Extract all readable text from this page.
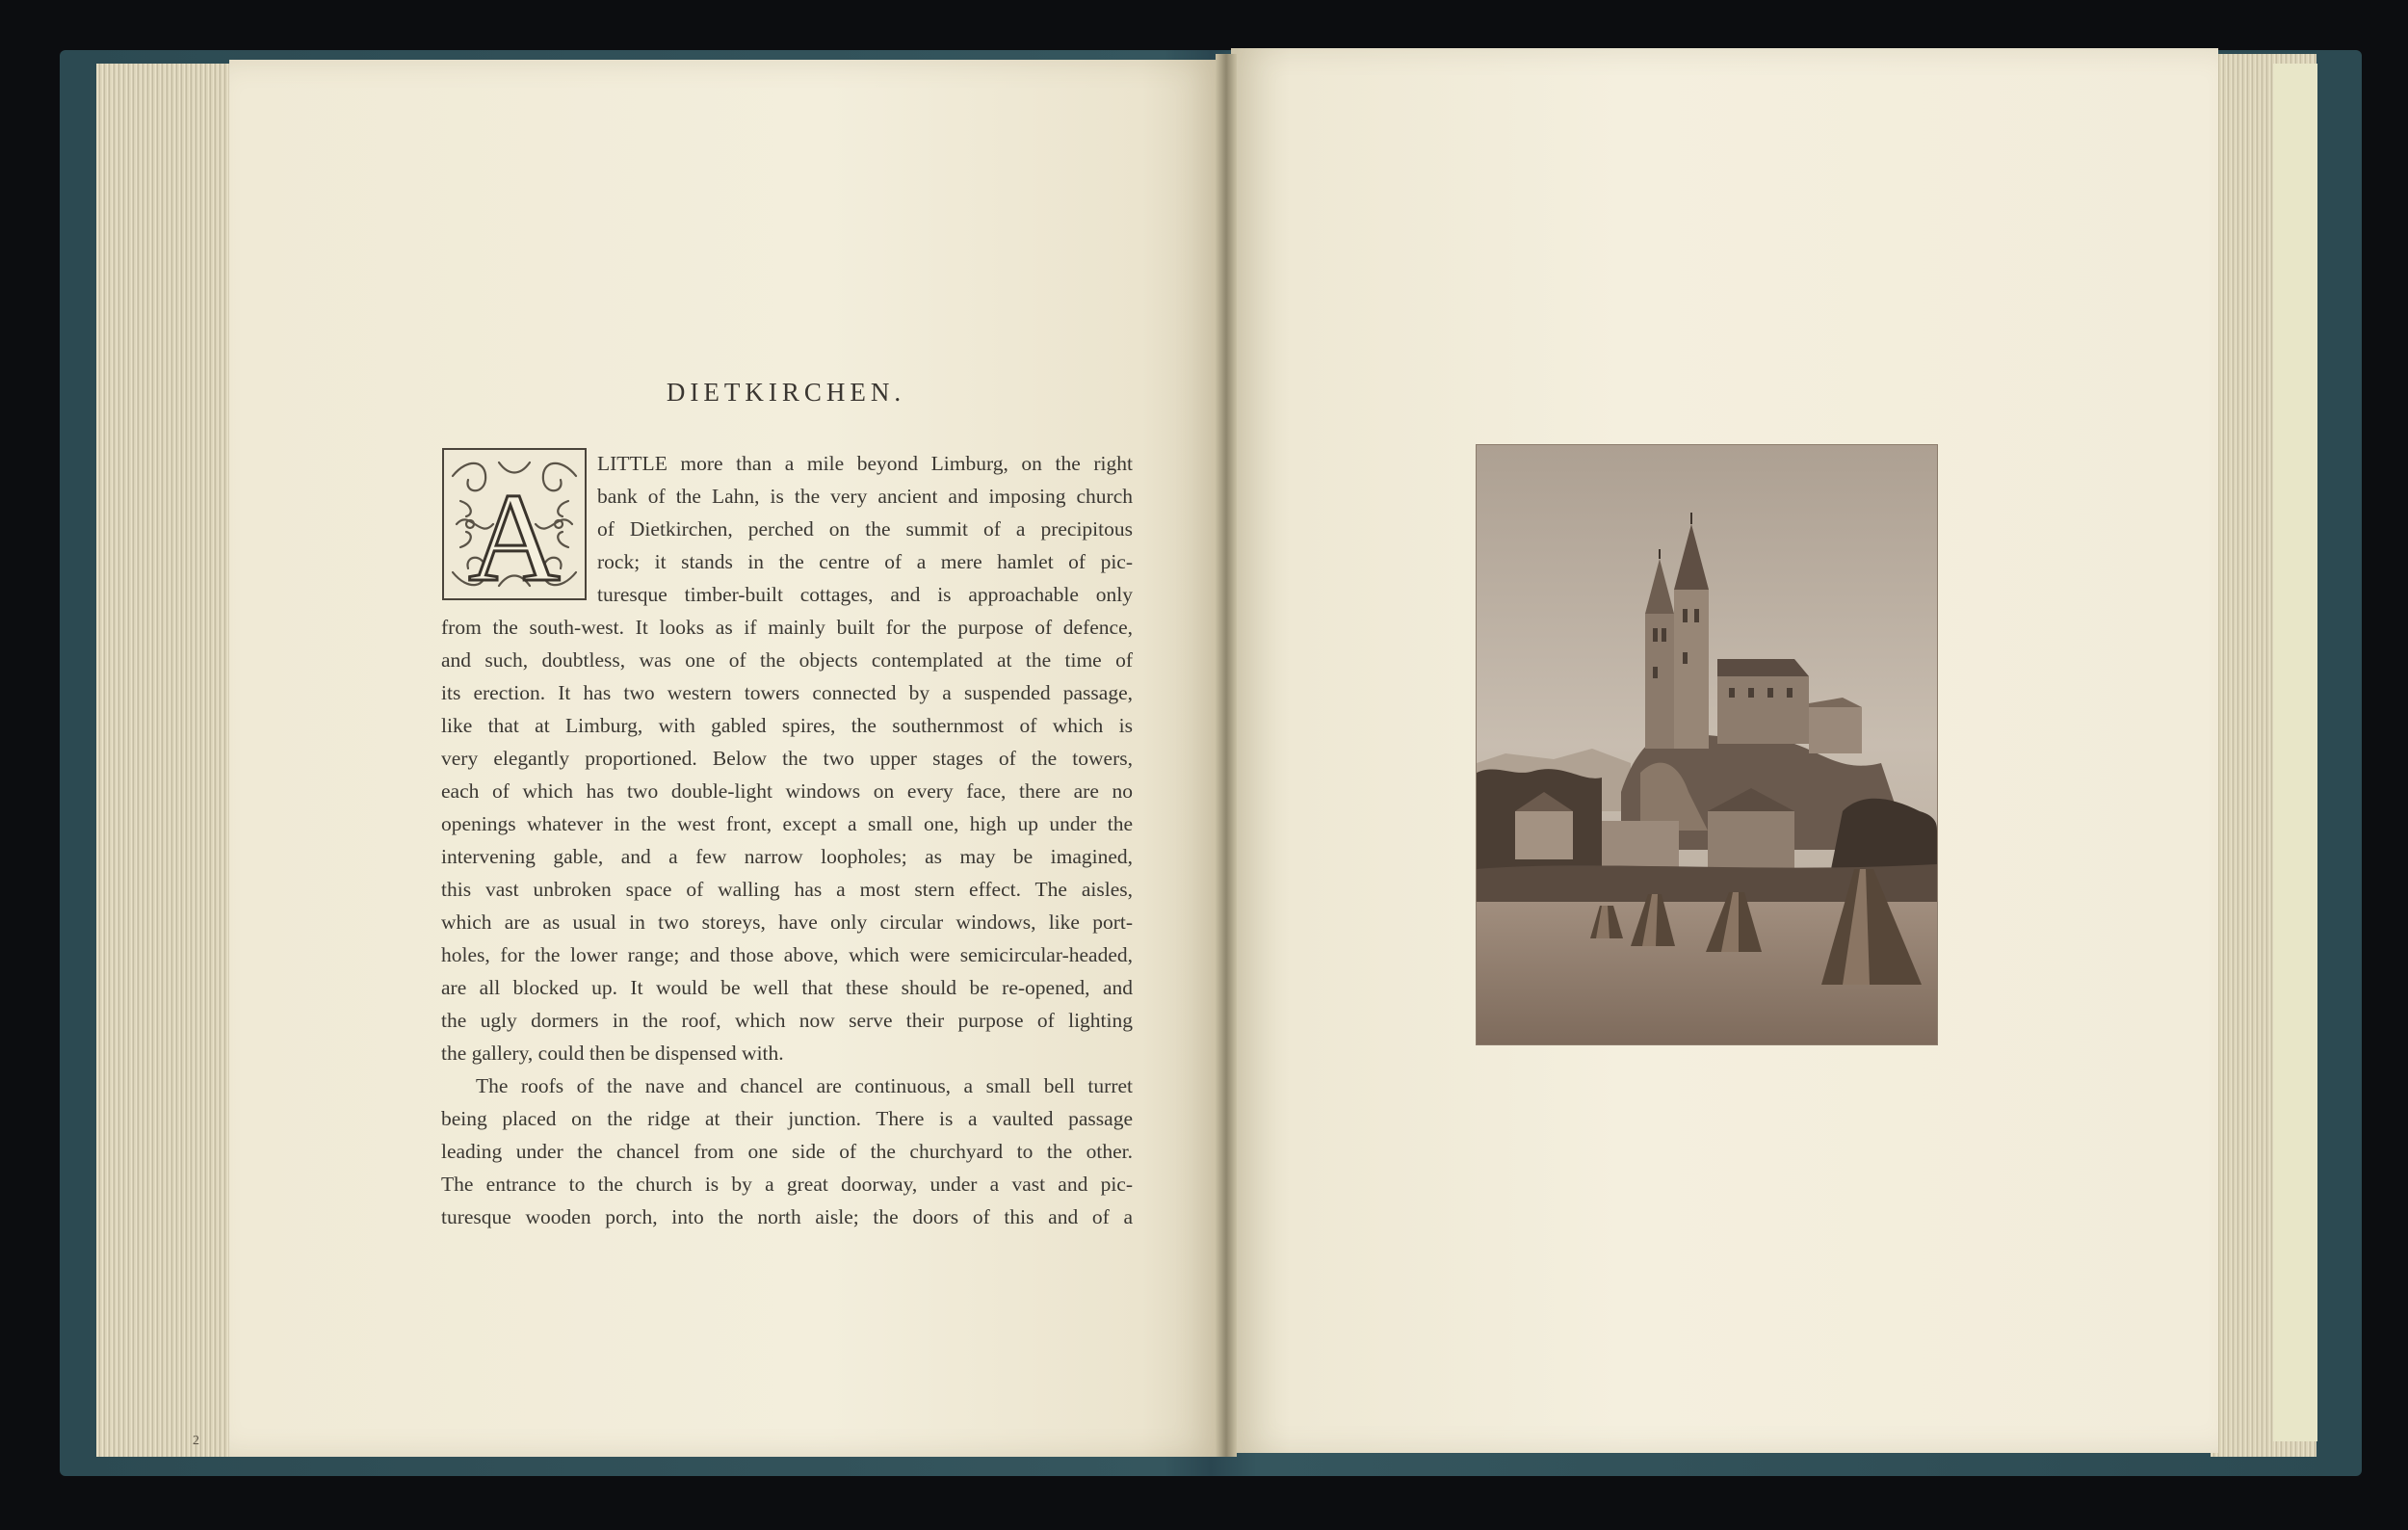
DIETKIRCHEN.
A
LITTLE more than a mile beyond Limburg, on the right
bank of the Lahn, is the very ancient and imposing church
of Dietkirchen, perched on the summit of a precipitous
rock; it stands in the centre of a mere hamlet of pic-
turesque timber-built cottages, and is approachable only
from the south-west. It looks as if mainly built for the purpose of defence,
and such, doubtless, was one of the objects contemplated at the time of
its erection. It has two western towers connected by a suspended passage,
like that at Limburg, with gabled spires, the southernmost of which is
very elegantly proportioned. Below the two upper stages of the towers,
each of which has two double-light windows on every face, there are no
openings whatever in the west front, except a small one, high up under the
intervening gable, and a few narrow loopholes; as may be imagined,
this vast unbroken space of walling has a most stern effect. The aisles,
which are as usual in two storeys, have only circular windows, like port-
holes, for the lower range; and those above, which were semicircular-headed,
are all blocked up. It would be well that these should be re-opened, and
the ugly dormers in the roof, which now serve their purpose of lighting
the gallery, could then be dispensed with.
The roofs of the nave and chancel are continuous, a small bell turret
being placed on the ridge at their junction. There is a vaulted passage
leading under the chancel from one side of the churchyard to the other.
The entrance to the church is by a great doorway, under a vast and pic-
turesque wooden porch, into the north aisle; the doors of this and of a
2
